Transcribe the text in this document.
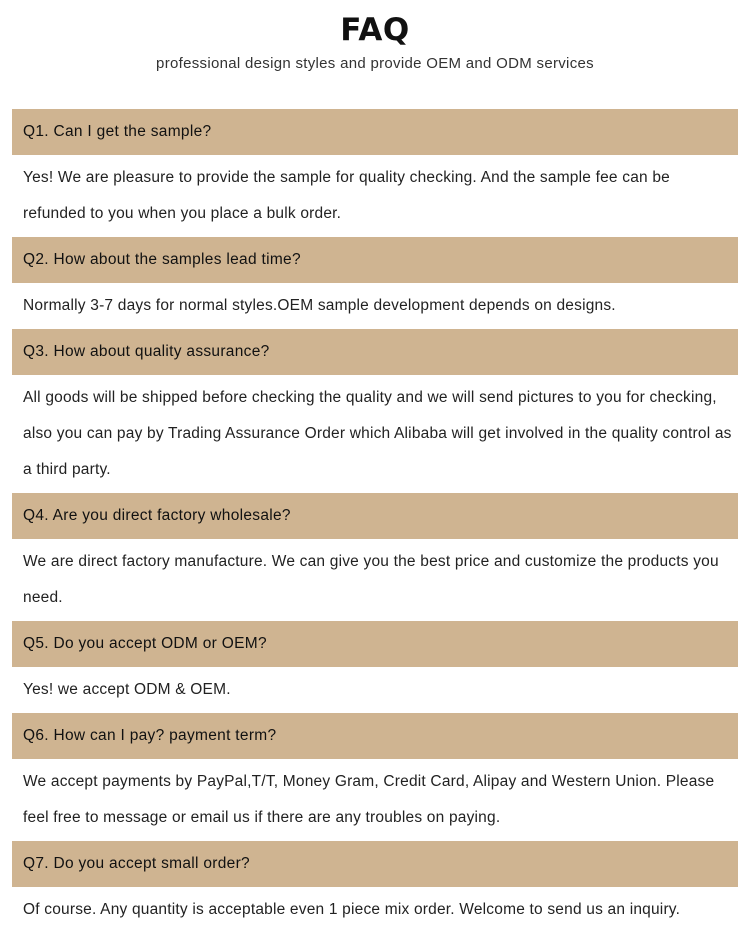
FAQ
professional design styles and provide OEM and ODM services
Q1. Can I get the sample?
Yes! We are pleasure to provide the sample for quality checking. And the sample fee can be refunded to you when you place a bulk order.
Q2. How about the samples lead time?
Normally 3-7 days for normal styles.OEM sample development depends on designs.
Q3. How about quality assurance?
All goods will be shipped before checking the quality and we will send pictures to you for checking, also you can pay by Trading Assurance Order which Alibaba will get involved in the quality control as a third party.
Q4. Are you direct factory wholesale?
We are direct factory manufacture. We can give you the best price and customize the products you need.
Q5. Do you accept ODM or OEM?
Yes! we accept ODM & OEM.
Q6. How can I pay? payment term?
We accept payments by PayPal,T/T, Money Gram, Credit Card, Alipay and Western Union. Please feel free to message or email us if there are any troubles on paying.
Q7. Do you accept small order?
Of course. Any quantity is acceptable even 1 piece mix order. Welcome to send us an inquiry.
